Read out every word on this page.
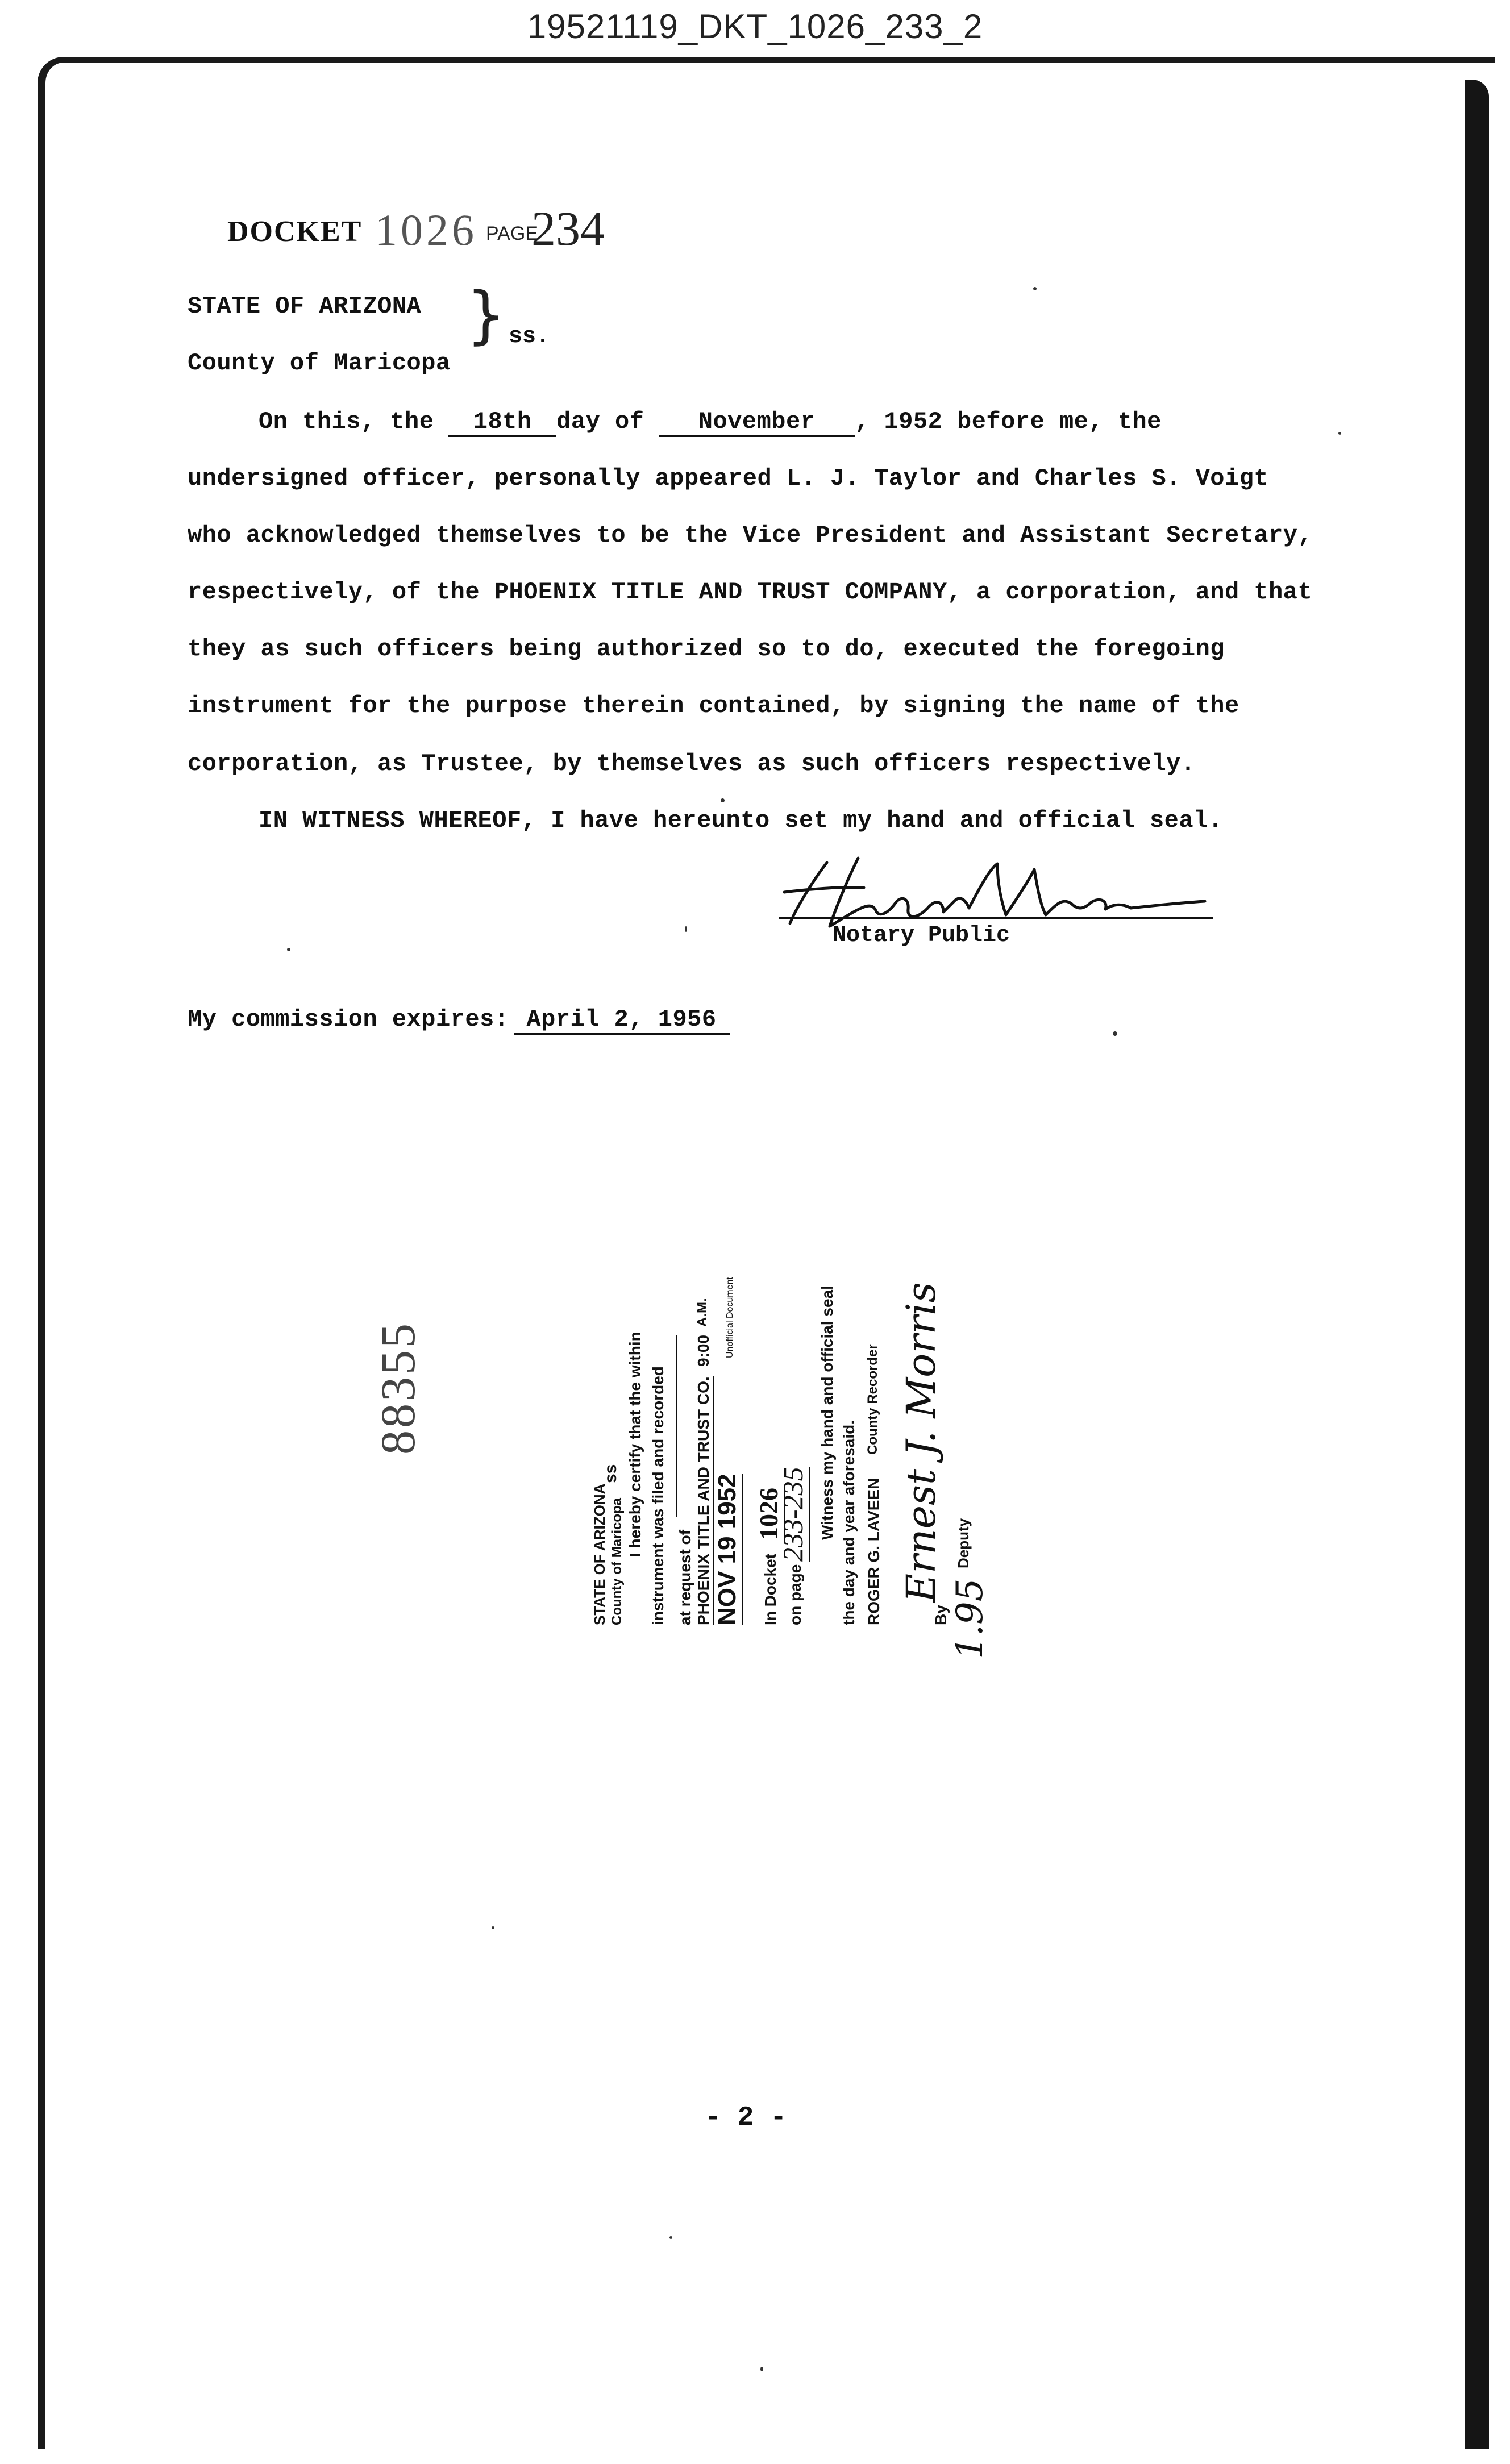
19521119_DKT_1026_233_2
DOCKET 1026 PAGE
234
STATE OF ARIZONA
County of Maricopa
} ss.
On this, the 18th day of November , 1952 before me, the
undersigned officer, personally appeared L. J. Taylor and Charles S. Voigt
who acknowledged themselves to be the Vice President and Assistant Secretary,
respectively, of the PHOENIX TITLE AND TRUST COMPANY, a corporation, and that
they as such officers being authorized so to do, executed the foregoing
instrument for the purpose therein contained, by signing the name of the
corporation, as Trustee, by themselves as such officers respectively.
IN WITNESS WHEREOF, I have hereunto set my hand and official seal.
Notary Public
My commission expires: April 2, 1956
88355
STATE OF ARIZONA County of Maricopa
ss I hereby certify that the within instrument was filed and recorded at request of PHOENIX TITLE AND TRUST CO.
9:00
A.M.
NOV 19 1952 In Docket
1026
on page
233-235
Unofficial Document	Witness my hand and official seal the day and year aforesaid. ROGER G. LAVEEN
County Recorder
By
Ernest J. Morris Deputy
1.95
- 2 -
